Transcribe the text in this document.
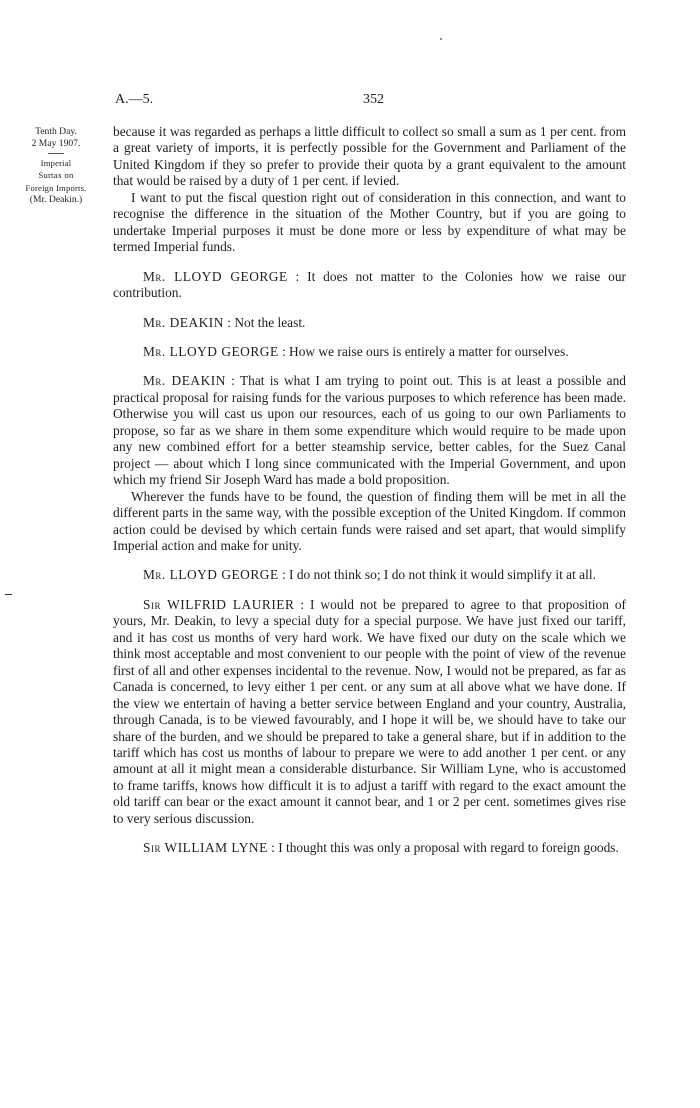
A.—5.	352
Tenth Day.
2 May 1907.
Imperial
Surtax on
Foreign Imports.
(Mr. Deakin.)

because it was regarded as perhaps a little difficult to collect so small a sum as 1 per cent. from a great variety of imports, it is perfectly possible for the Government and Parliament of the United Kingdom if they so prefer to provide their quota by a grant equivalent to the amount that would be raised by a duty of 1 per cent. if levied.

I want to put the fiscal question right out of consideration in this connection, and want to recognise the difference in the situation of the Mother Country, but if you are going to undertake Imperial purposes it must be done more or less by expenditure of what may be termed Imperial funds.

Mr. LLOYD GEORGE : It does not matter to the Colonies how we raise our contribution.

Mr. DEAKIN : Not the least.

Mr. LLOYD GEORGE : How we raise ours is entirely a matter for ourselves.

Mr. DEAKIN : That is what I am trying to point out. This is at least a possible and practical proposal for raising funds for the various purposes to which reference has been made. Otherwise you will cast us upon our resources, each of us going to our own Parliaments to propose, so far as we share in them some expenditure which would require to be made upon any new combined effort for a better steamship service, better cables, for the Suez Canal project — about which I long since communicated with the Imperial Government, and upon which my friend Sir Joseph Ward has made a bold proposition.

Wherever the funds have to be found, the question of finding them will be met in all the different parts in the same way, with the possible exception of the United Kingdom. If common action could be devised by which certain funds were raised and set apart, that would simplify Imperial action and make for unity.

Mr. LLOYD GEORGE : I do not think so; I do not think it would simplify it at all.

Sir WILFRID LAURIER : I would not be prepared to agree to that proposition of yours, Mr. Deakin, to levy a special duty for a special purpose. We have just fixed our tariff, and it has cost us months of very hard work. We have fixed our duty on the scale which we think most acceptable and most convenient to our people with the point of view of the revenue first of all and other expenses incidental to the revenue. Now, I would not be prepared, as far as Canada is concerned, to levy either 1 per cent. or any sum at all above what we have done. If the view we entertain of having a better service between England and your country, Australia, through Canada, is to be viewed favourably, and I hope it will be, we should have to take our share of the burden, and we should be prepared to take a general share, but if in addition to the tariff which has cost us months of labour to prepare we were to add another 1 per cent. or any amount at all it might mean a considerable disturbance. Sir William Lyne, who is accustomed to frame tariffs, knows how difficult it is to adjust a tariff with regard to the exact amount the old tariff can bear or the exact amount it cannot bear, and 1 or 2 per cent. sometimes gives rise to very serious discussion.

Sir WILLIAM LYNE : I thought this was only a proposal with regard to foreign goods.
